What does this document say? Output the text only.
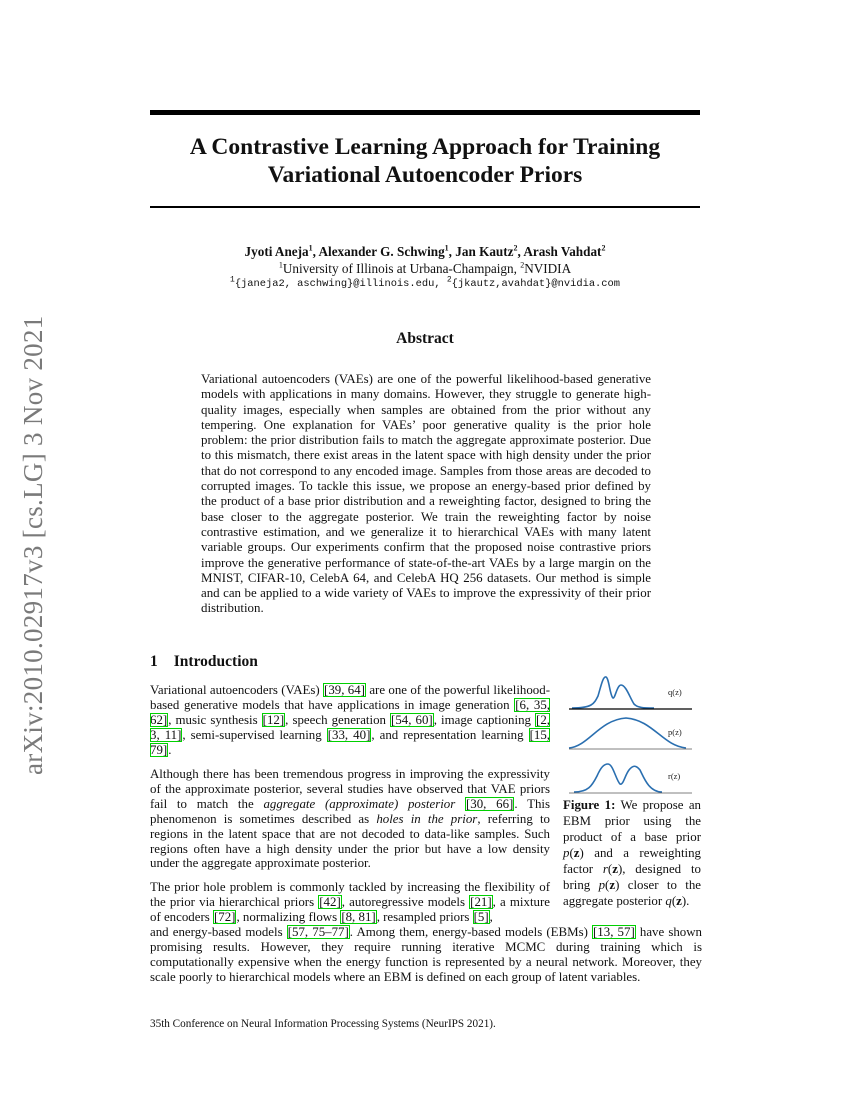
arXiv:2010.02917v3 [cs.LG] 3 Nov 2021
A Contrastive Learning Approach for Training
Variational Autoencoder Priors
Jyoti Aneja$^1$, Alexander G. Schwing$^1$, Jan Kautz$^2$, Arash Vahdat$^2$
$^1$University of Illinois at Urbana-Champaign, $^2$NVIDIA
$^1${janeja2, aschwing}@illinois.edu, $^2${jkautz,avahdat}@nvidia.com
Abstract
Variational autoencoders (VAEs) are one of the powerful likelihood-based generative models with applications in many domains. However, they struggle to generate high-quality images, especially when samples are obtained from the prior without any tempering. One explanation for VAEs’ poor generative quality is the prior hole problem: the prior distribution fails to match the aggregate approximate posterior. Due to this mismatch, there exist areas in the latent space with high density under the prior that do not correspond to any encoded image. Samples from those areas are decoded to corrupted images. To tackle this issue, we propose an energy-based prior defined by the product of a base prior distribution and a reweighting factor, designed to bring the base closer to the aggregate posterior. We train the reweighting factor by noise contrastive estimation, and we generalize it to hierarchical VAEs with many latent variable groups. Our experiments confirm that the proposed noise contrastive priors improve the generative performance of state-of-the-art VAEs by a large margin on the MNIST, CIFAR-10, CelebA 64, and CelebA HQ 256 datasets. Our method is simple and can be applied to a wide variety of VAEs to improve the expressivity of their prior distribution.
1 Introduction
Variational autoencoders (VAEs) [39, 64] are one of the powerful likelihood-based generative models that have applications in image generation [6, 35, 62], music synthesis [12], speech generation [54, 60], image captioning [2, 3, 11], semi-supervised learning [33, 40], and representation learning [15, 79].
Although there has been tremendous progress in improving the expressivity of the approximate posterior, several studies have observed that VAE priors fail to match the aggregate (approximate) posterior [30, 66]. This phenomenon is sometimes described as holes in the prior, referring to regions in the latent space that are not decoded to data-like samples. Such regions often have a high density under the prior but have a low density under the aggregate approximate posterior.
The prior hole problem is commonly tackled by increasing the flexibility of the prior via hierarchical priors [42], autoregressive models [21], a mixture of encoders [72], normalizing flows [8, 81], resampled priors [5],
and energy-based models [57, 75–77]. Among them, energy-based models (EBMs) [13, 57] have shown promising results. However, they require running iterative MCMC during training which is computationally expensive when the energy function is represented by a neural network. Moreover, they scale poorly to hierarchical models where an EBM is defined on each group of latent variables.
q(z)
p(z)
r(z)
Figure 1: We propose an EBM prior using the product of a base prior p(z) and a reweighting factor r(z), designed to bring p(z) closer to the aggregate posterior q(z).
35th Conference on Neural Information Processing Systems (NeurIPS 2021).
